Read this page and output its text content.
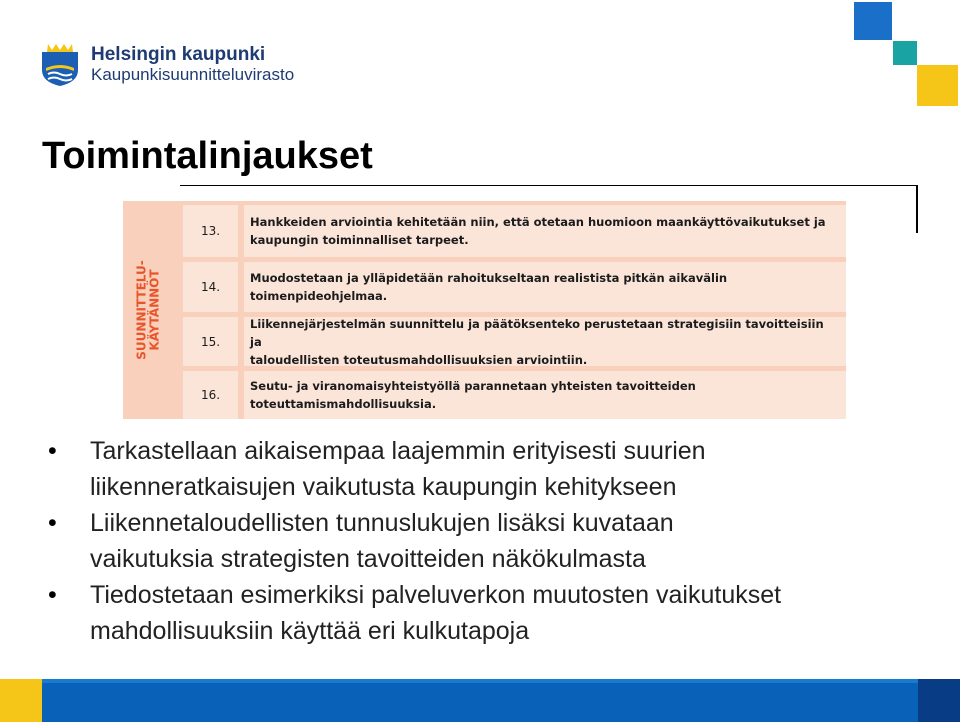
Helsingin kaupunki
Kaupunkisuunnitteluvirasto
Toimintalinjaukset
SUUNNITTELU- KÄYTÄNNÖT
13.
Hankkeiden arviointia kehitetään niin, että otetaan huomioon maankäyttövaikutukset ja
kaupungin toiminnalliset tarpeet.
14.
Muodostetaan ja ylläpidetään rahoitukseltaan realistista pitkän aikavälin toimenpideohjelmaa.
15.
Liikennejärjestelmän suunnittelu ja päätöksenteko perustetaan strategisiin tavoitteisiin ja
taloudellisten toteutusmahdollisuuksien arviointiin.
16.
Seutu- ja viranomaisyhteistyöllä parannetaan yhteisten tavoitteiden toteuttamismahdollisuuksia.
• Tarkastellaan aikaisempaa laajemmin erityisesti suurien
liikenneratkaisujen vaikutusta kaupungin kehitykseen
• Liikennetaloudellisten tunnuslukujen lisäksi kuvataan
vaikutuksia strategisten tavoitteiden näkökulmasta
• Tiedostetaan esimerkiksi palveluverkon muutosten vaikutukset
mahdollisuuksiin käyttää eri kulkutapoja
